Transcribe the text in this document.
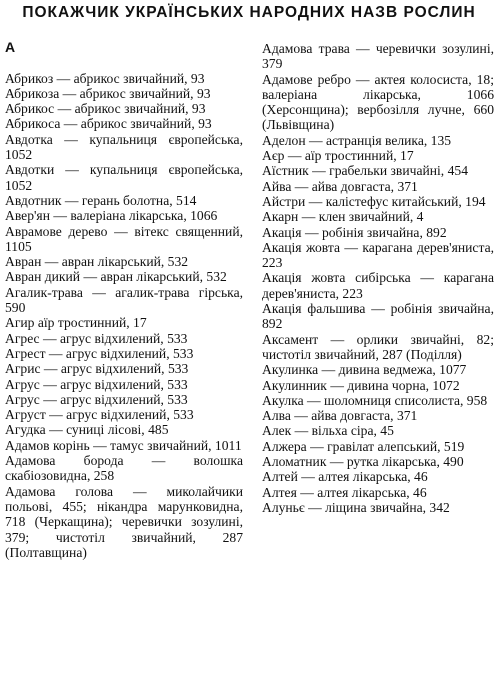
ПОКАЖЧИК УКРАЇНСЬКИХ НАРОДНИХ НАЗВ РОСЛИН
А
Абрикоз — абрикос звичайний, 93
Абрикоза — абрикос звичайний, 93
Абрикос — абрикос звичайний, 93
Абрикоса — абрикос звичайний, 93
Авдотка — купальниця європейська, 1052
Авдотки — купальниця європейська, 1052
Авдотник — герань болотна, 514
Авер'ян — валеріана лікарська, 1066
Аврамове дерево — вітекс священний, 1105
Авран — авран лікарський, 532
Авран дикий — авран лікарський, 532
Агалик-трава — агалик-трава гірська, 590
Агир аїр тростинний, 17
Агрес — агрус відхилений, 533
Агрест — агрус відхилений, 533
Агрис — агрус відхилений, 533
Агрус — агрус відхилений, 533
Агрус — агрус відхилений, 533
Агруст — агрус відхилений, 533
Агудка — суниці лісові, 485
Адамов корінь — тамус звичайний, 1011
Адамова борода — волошка скабіозовидна, 258
Адамова голова — миколайчики польові, 455; нікандра марунковидна, 718 (Черкащина); черевички зозулині, 379; чистотіл звичайний, 287 (Полтавщина)
Адамова трава — черевички зозулині, 379
Адамове ребро — актея колосиста, 18; валеріана лікарська, 1066 (Херсонщина); вербозілля лучне, 660 (Львівщина)
Аделон — астранція велика, 135
Аєр — аїр тростинний, 17
Аїстник — грабельки звичайні, 454
Айва — айва довгаста, 371
Айстри — калістефус китайський, 194
Акарн — клен звичайний, 4
Акація — робінія звичайна, 892
Акація жовта — карагана дерев'яниста, 223
Акація жовта сибірська — карагана дерев'яниста, 223
Акація фальшива — робінія звичайна, 892
Аксамент — орлики звичайні, 82; чистотіл звичайний, 287 (Поділля)
Акулинка — дивина ведмежа, 1077
Акулинник — дивина чорна, 1072
Акулка — шоломниця списолиста, 958
Алва — айва довгаста, 371
Алек — вільха сіра, 45
Алжера — гравілат алепський, 519
Аломатник — рутка лікарська, 490
Алтей — алтея лікарська, 46
Алтея — алтея лікарська, 46
Алуньє — ліщина звичайна, 342
